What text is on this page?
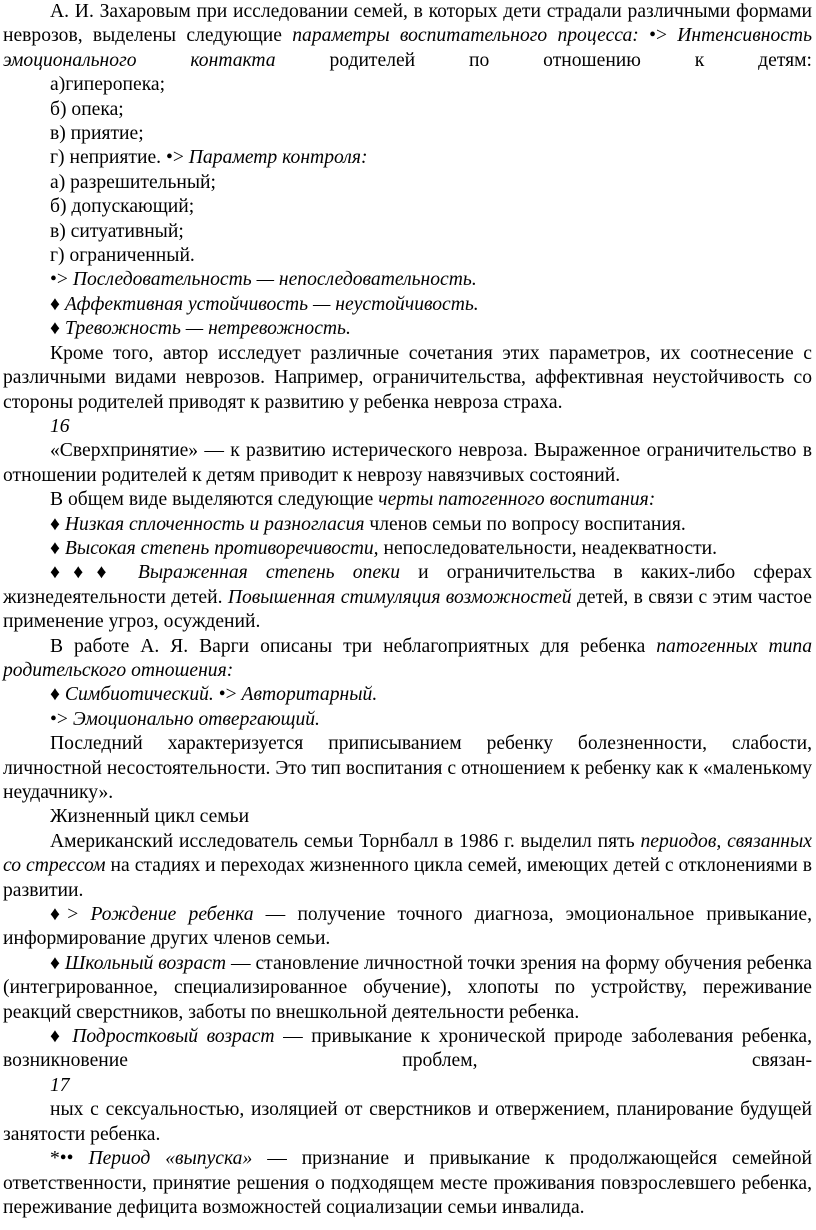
А. И. Захаровым при исследовании семей, в которых дети страдали различными формами неврозов, выделены следующие параметры воспитательного процесса: •> Интенсивность эмоционального контакта родителей по отношению к детям:

а)гиперопека;

б) опека;

в) приятие;

г) неприятие. •> Параметр контроля:

а) разрешительный;

б) допускающий;

в) ситуативный;

г) ограниченный.

•> Последовательность — непоследовательность.

♦ Аффективная устойчивость — неустойчивость.

♦ Тревожность — нетревожность.

Кроме того, автор исследует различные сочетания этих параметров, их соотнесение с различными видами неврозов. Например, ограничительства, аффективная неустойчивость со стороны родителей приводят к развитию у ребенка невроза страха.

16

«Сверхпринятие» — к развитию истерического невроза. Выраженное ограничительство в отношении родителей к детям приводит к неврозу навязчивых состояний.

В общем виде выделяются следующие черты патогенного воспитания:

♦ Низкая сплоченность и разногласия членов семьи по вопросу воспитания.

♦ Высокая степень противоречивости, непоследовательности, неадекватности.

♦♦♦ Выраженная степень опеки и ограничительства в каких-либо сферах жизнедеятельности детей. Повышенная стимуляция возможностей детей, в связи с этим частое применение угроз, осуждений.

В работе А. Я. Варги описаны три неблагоприятных для ребенка патогенных типа родительского отношения:

♦ Симбиотический. •> Авторитарный.

•> Эмоционально отвергающий.

Последний характеризуется приписыванием ребенку болезненности, слабости, личностной несостоятельности. Это тип воспитания с отношением к ребенку как к «маленькому неудачнику».

Жизненный цикл семьи

Американский исследователь семьи Торнбалл в 1986 г. выделил пять периодов, связанных со стрессом на стадиях и переходах жизненного цикла семей, имеющих детей с отклонениями в развитии.

♦> Рождение ребенка — получение точного диагноза, эмоциональное привыкание, информирование других членов семьи.

♦ Школьный возраст — становление личностной точки зрения на форму обучения ребенка (интегрированное, специализированное обучение), хлопоты по устройству, переживание реакций сверстников, заботы по внешкольной деятельности ребенка.

♦ Подростковый возраст — привыкание к хронической природе заболевания ребенка, возникновение проблем, связан-

17

ных с сексуальностью, изоляцией от сверстников и отвержением, планирование будущей занятости ребенка.

*•• Период «выпуска» — признание и привыкание к продолжающейся семейной ответственности, принятие решения о подходящем месте проживания повзрослевшего ребенка, переживание дефицита возможностей социализации семьи инвалида.
